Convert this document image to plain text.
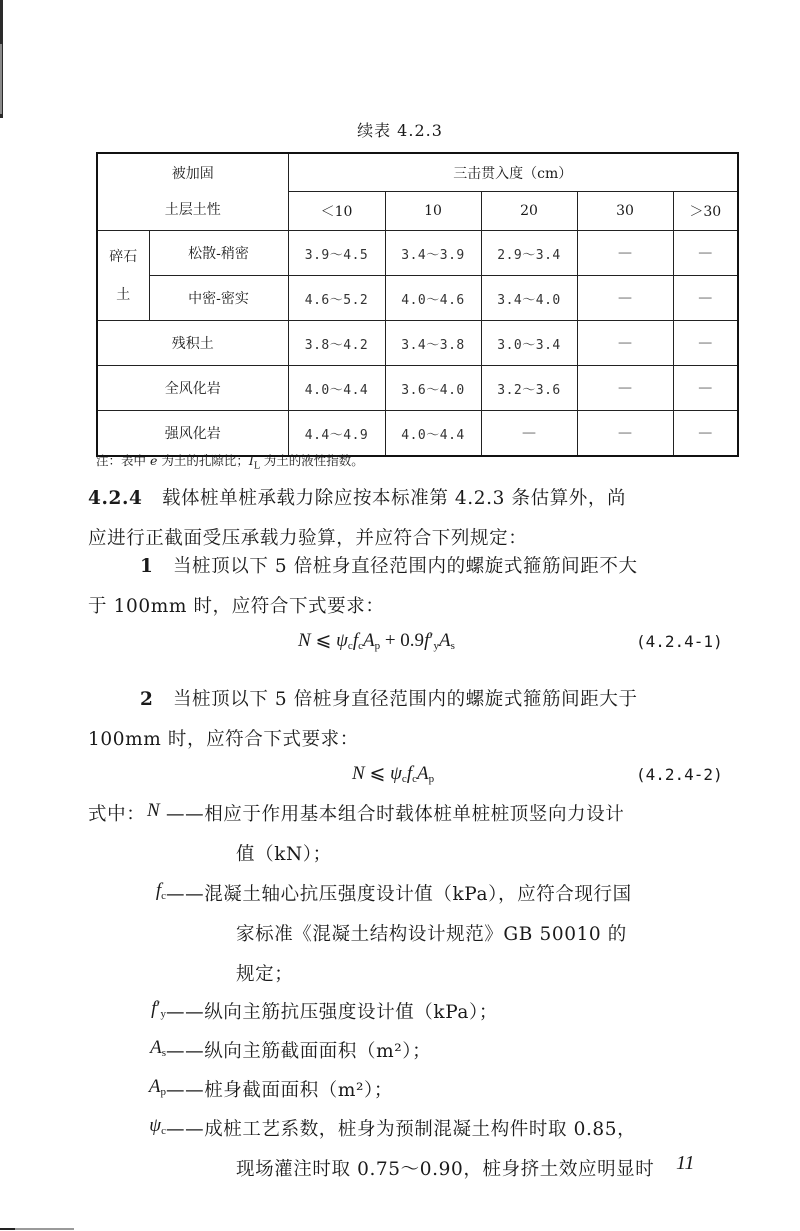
续表 4.2.3
被加固
土层土性		三击贯入度（cm）				
		＜10	10	20	30	＞30

碎石
土	松散-稍密	3.9～4.5	3.4～3.9	2.9～3.4	—	—
	中密-密实	4.6～5.2	4.0～4.6	3.4～4.0	—	—
残积土		3.8～4.2	3.4～3.8	3.0～3.4	—	—
全风化岩		4.0～4.4	3.6～4.0	3.2～3.6	—	—
强风化岩		4.4～4.9	4.0～4.4	—	—	—
注：表中 e 为土的孔隙比；$I_L$ 为土的液性指数。
4.2.4 载体桩单桩承载力除应按本标准第 4.2.3 条估算外，尚
应进行正截面受压承载力验算，并应符合下列规定：
1 当桩顶以下 5 倍桩身直径范围内的螺旋式箍筋间距不大
于 100mm 时，应符合下式要求：
N ⩽ $\psi_cf_cA_p + 0.9f'_yA_s$	(4.2.4-1)
2 当桩顶以下 5 倍桩身直径范围内的螺旋式箍筋间距大于
100mm 时，应符合下式要求：
N ⩽ $\psi_cf_cA_p$	(4.2.4-2)
式中： N ——相应于作用基本组合时载体桩单桩桩顶竖向力设计
值（kN）；
$f_c$ ——混凝土轴心抗压强度设计值（kPa），应符合现行国
家标准《混凝土结构设计规范》GB 50010 的
规定；
$f'_y$ ——纵向主筋抗压强度设计值（kPa）；
$A_s$ ——纵向主筋截面面积（m²）；
$A_p$ ——桩身截面面积（m²）；
$\psi_c$ ——成桩工艺系数，桩身为预制混凝土构件时取 0.85，
现场灌注时取 0.75～0.90，桩身挤土效应明显时	11
